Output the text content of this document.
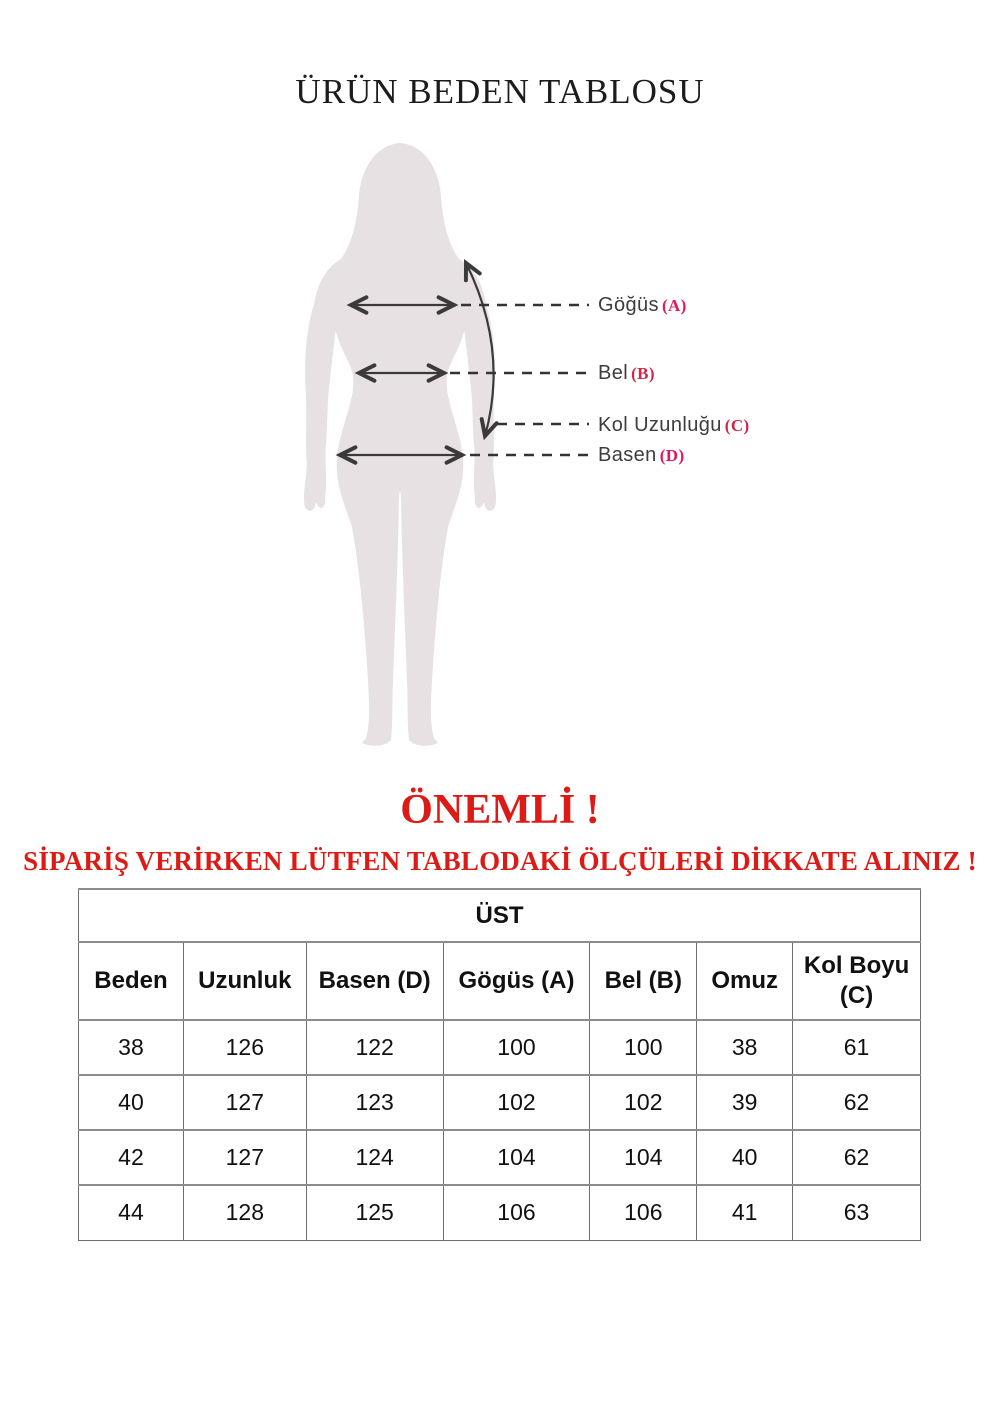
ÜRÜN BEDEN TABLOSU
Göğüs (A)
Bel (B)
Kol Uzunluğu (C)
Basen (D)
ÖNEMLİ !
SİPARİŞ VERİRKEN LÜTFEN TABLODAKİ ÖLÇÜLERİ DİKKATE ALINIZ !
ÜST						
Beden	Uzunluk	Basen (D)	Gögüs (A)	Bel (B)	Omuz	Kol Boyu (C)
38	126	122	100	100	38	61
40	127	123	102	102	39	62
42	127	124	104	104	40	62
44	128	125	106	106	41	63
